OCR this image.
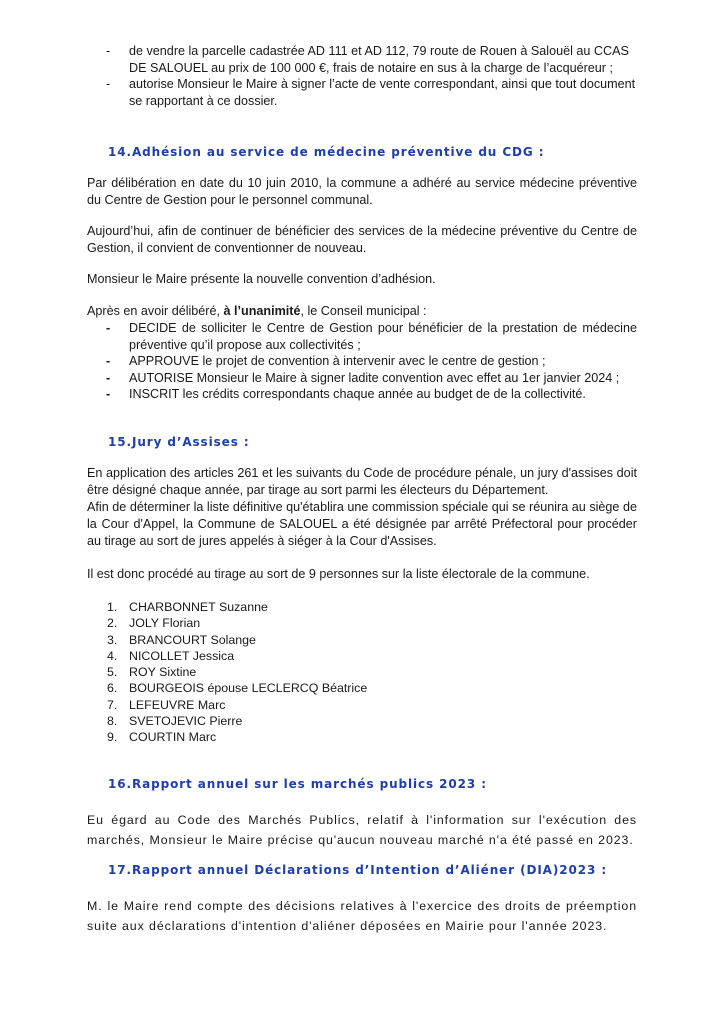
- de vendre la parcelle cadastrée AD 111 et AD 112, 79 route de Rouen à Salouël au CCAS DE SALOUEL au prix de 100 000 €, frais de notaire en sus à la charge de l’acquéreur ;
- autorise Monsieur le Maire à signer l’acte de vente correspondant, ainsi que tout document se rapportant à ce dossier.
14.Adhésion au service de médecine préventive du CDG :

Par délibération en date du 10 juin 2010, la commune a adhéré au service médecine préventive du Centre de Gestion pour le personnel communal.

Aujourd’hui, afin de continuer de bénéficier des services de la médecine préventive du Centre de Gestion, il convient de conventionner de nouveau.

Monsieur le Maire présente la nouvelle convention d’adhésion.

Après en avoir délibéré, à l’unanimité, le Conseil municipal :

- DECIDE de solliciter le Centre de Gestion pour bénéficier de la prestation de médecine préventive qu’il propose aux collectivités ;
- APPROUVE le projet de convention à intervenir avec le centre de gestion ;
- AUTORISE Monsieur le Maire à signer ladite convention avec effet au 1er janvier 2024 ;
- INSCRIT les crédits correspondants chaque année au budget de de la collectivité.
15.Jury d’Assises :

En application des articles 261 et les suivants du Code de procédure pénale, un jury d'assises doit être désigné chaque année, par tirage au sort parmi les électeurs du Département.

Afin de déterminer la liste définitive qu'établira une commission spéciale qui se réunira au siège de la Cour d'Appel, la Commune de SALOUEL a été désignée par arrêté Préfectoral pour procéder au tirage au sort de jures appelés à siéger à la Cour d'Assises.

Il est donc procédé au tirage au sort de 9 personnes sur la liste électorale de la commune.

1. CHARBONNET Suzanne
2. JOLY Florian
3. BRANCOURT Solange
4. NICOLLET Jessica
5. ROY Sixtine
6. BOURGEOIS épouse LECLERCQ Béatrice
7. LEFEUVRE Marc
8. SVETOJEVIC Pierre
9. COURTIN Marc
16.Rapport annuel sur les marchés publics 2023 :

Eu égard au Code des Marchés Publics, relatif à l'information sur l'exécution des marchés, Monsieur le Maire précise qu'aucun nouveau marché n'a été passé en 2023.

17.Rapport annuel Déclarations d’Intention d’Aliéner (DIA)2023 :

M. le Maire rend compte des décisions relatives à l'exercice des droits de préemption suite aux déclarations d'intention d'aliéner déposées en Mairie pour l'année 2023.
